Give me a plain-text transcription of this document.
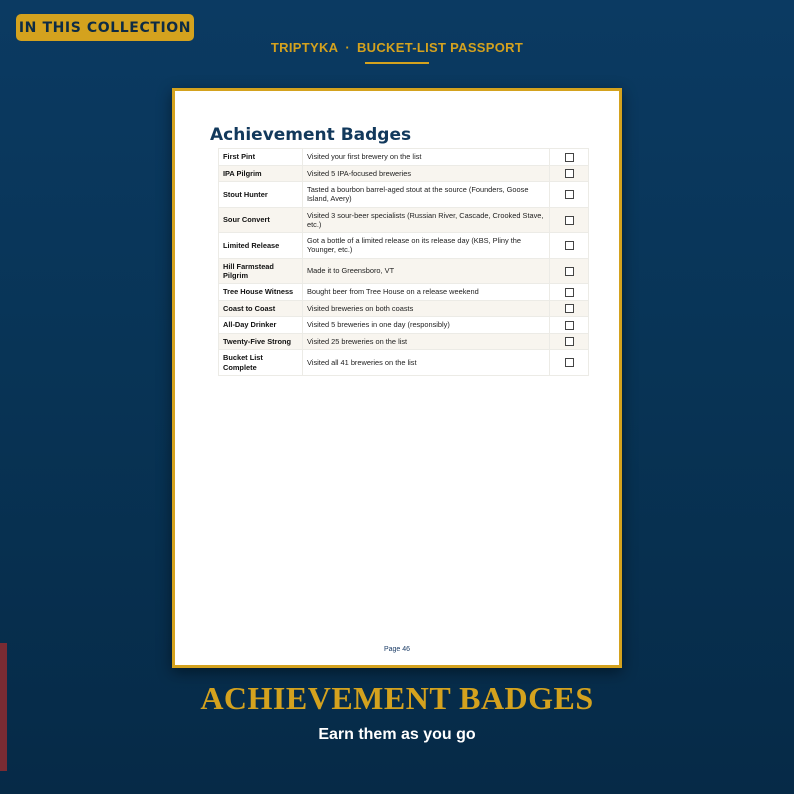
IN THIS COLLECTION
TRIPTYKA · BUCKET-LIST PASSPORT
Achievement Badges
First Pint	Visited your first brewery on the list	
IPA Pilgrim	Visited 5 IPA-focused breweries	
Stout Hunter	Tasted a bourbon barrel-aged stout at the source (Founders, Goose Island, Avery)	
Sour Convert	Visited 3 sour-beer specialists (Russian River, Cascade, Crooked Stave, etc.)	
Limited Release	Got a bottle of a limited release on its release day (KBS, Pliny the Younger, etc.)	
Hill Farmstead Pilgrim	Made it to Greensboro, VT	
Tree House Witness	Bought beer from Tree House on a release weekend	
Coast to Coast	Visited breweries on both coasts	
All-Day Drinker	Visited 5 breweries in one day (responsibly)	
Twenty-Five Strong	Visited 25 breweries on the list	
Bucket List Complete	Visited all 41 breweries on the list	
Page 46
ACHIEVEMENT BADGES
Earn them as you go
